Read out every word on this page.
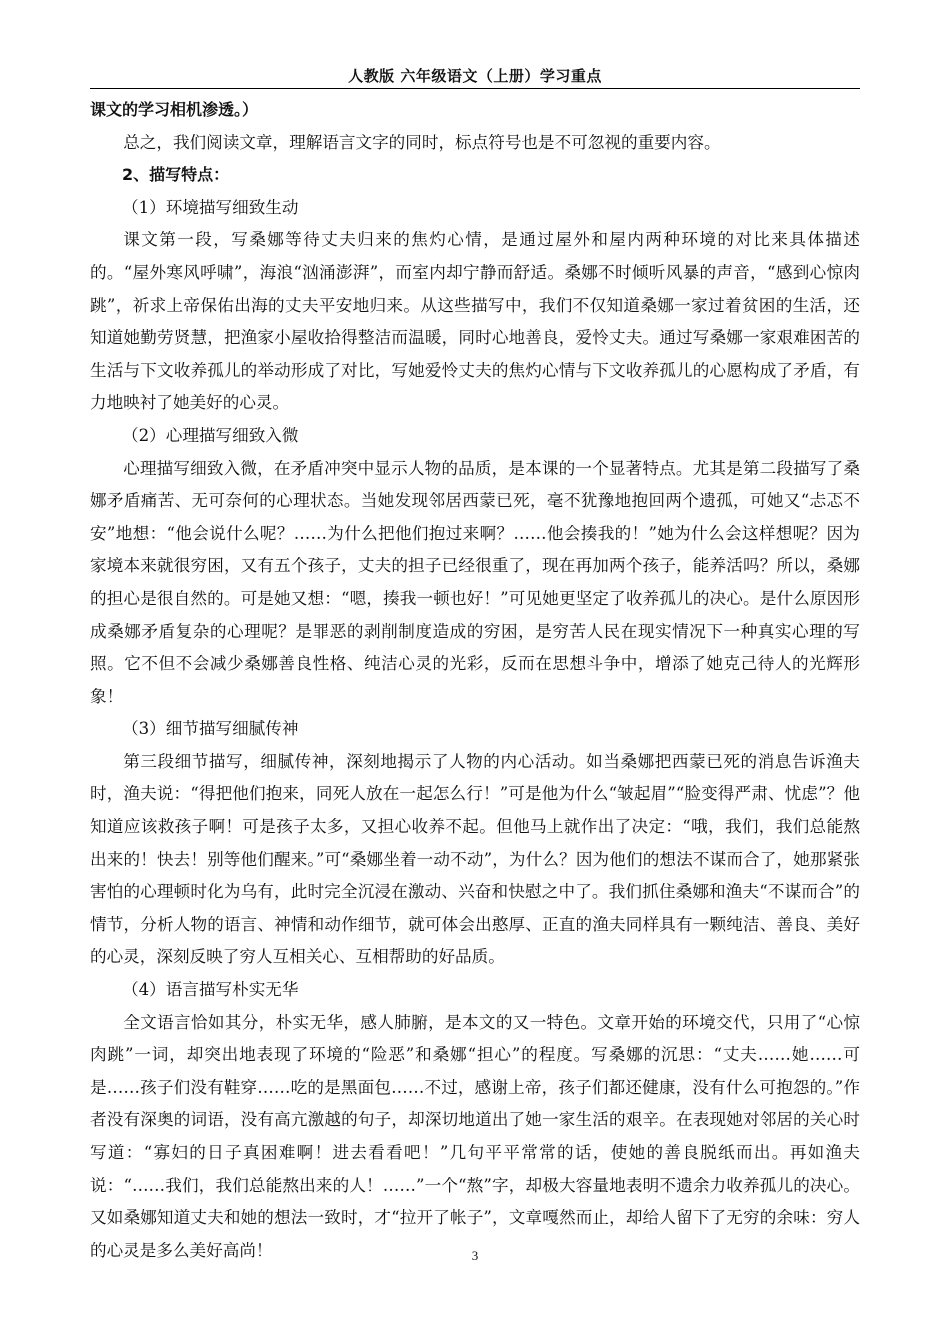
人教版 六年级语文（上册）学习重点

课文的学习相机渗透。）

总之，我们阅读文章，理解语言文字的同时，标点符号也是不可忽视的重要内容。

2、描写特点：

（1）环境描写细致生动

课文第一段，写桑娜等待丈夫归来的焦灼心情，是通过屋外和屋内两种环境的对比来具体描述的。“屋外寒风呼啸”，海浪“汹涌澎湃”，而室内却宁静而舒适。桑娜不时倾听风暴的声音，“感到心惊肉跳”，祈求上帝保佑出海的丈夫平安地归来。从这些描写中，我们不仅知道桑娜一家过着贫困的生活，还知道她勤劳贤慧，把渔家小屋收拾得整洁而温暖，同时心地善良，爱怜丈夫。通过写桑娜一家艰难困苦的生活与下文收养孤儿的举动形成了对比，写她爱怜丈夫的焦灼心情与下文收养孤儿的心愿构成了矛盾，有力地映衬了她美好的心灵。

（2）心理描写细致入微

心理描写细致入微，在矛盾冲突中显示人物的品质，是本课的一个显著特点。尤其是第二段描写了桑娜矛盾痛苦、无可奈何的心理状态。当她发现邻居西蒙已死，毫不犹豫地抱回两个遗孤，可她又“忐忑不安”地想：“他会说什么呢？……为什么把他们抱过来啊？……他会揍我的！”她为什么会这样想呢？因为家境本来就很穷困，又有五个孩子，丈夫的担子已经很重了，现在再加两个孩子，能养活吗？所以，桑娜的担心是很自然的。可是她又想：“嗯，揍我一顿也好！”可见她更坚定了收养孤儿的决心。是什么原因形成桑娜矛盾复杂的心理呢？是罪恶的剥削制度造成的穷困，是穷苦人民在现实情况下一种真实心理的写照。它不但不会减少桑娜善良性格、纯洁心灵的光彩，反而在思想斗争中，增添了她克己待人的光辉形象！

（3）细节描写细腻传神

第三段细节描写，细腻传神，深刻地揭示了人物的内心活动。如当桑娜把西蒙已死的消息告诉渔夫时，渔夫说：“得把他们抱来，同死人放在一起怎么行！”可是他为什么“皱起眉”“脸变得严肃、忧虑”？他知道应该救孩子啊！可是孩子太多，又担心收养不起。但他马上就作出了决定：“哦，我们，我们总能熬出来的！快去！别等他们醒来。”可“桑娜坐着一动不动”，为什么？因为他们的想法不谋而合了，她那紧张害怕的心理顿时化为乌有，此时完全沉浸在激动、兴奋和快慰之中了。我们抓住桑娜和渔夫“不谋而合”的情节，分析人物的语言、神情和动作细节，就可体会出憨厚、正直的渔夫同样具有一颗纯洁、善良、美好的心灵，深刻反映了穷人互相关心、互相帮助的好品质。

（4）语言描写朴实无华

全文语言恰如其分，朴实无华，感人肺腑，是本文的又一特色。文章开始的环境交代，只用了“心惊肉跳”一词，却突出地表现了环境的“险恶”和桑娜“担心”的程度。写桑娜的沉思：“丈夫……她……可是……孩子们没有鞋穿……吃的是黑面包……不过，感谢上帝，孩子们都还健康，没有什么可抱怨的。”作者没有深奥的词语，没有高亢激越的句子，却深切地道出了她一家生活的艰辛。在表现她对邻居的关心时写道：“寡妇的日子真困难啊！进去看看吧！”几句平平常常的话，使她的善良脱纸而出。再如渔夫说：“……我们，我们总能熬出来的人！……”一个“熬”字，却极大容量地表明不遗余力收养孤儿的决心。又如桑娜知道丈夫和她的想法一致时，才“拉开了帐子”，文章嘎然而止，却给人留下了无穷的余味：穷人的心灵是多么美好高尚！	3
